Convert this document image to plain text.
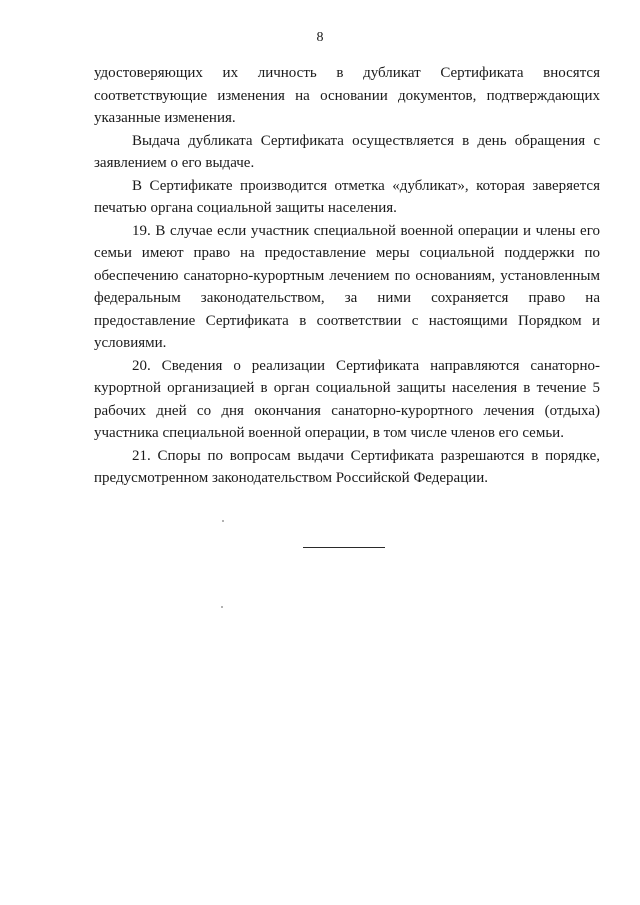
8

удостоверяющих их личность в дубликат Сертификата вносятся соответствующие изменения на основании документов, подтверждающих указанные изменения.

Выдача дубликата Сертификата осуществляется в день обращения с заявлением о его выдаче.

В Сертификате производится отметка «дубликат», которая заверяется печатью органа социальной защиты населения.

19. В случае если участник специальной военной операции и члены его семьи имеют право на предоставление меры социальной поддержки по обеспечению санаторно-курортным лечением по основаниям, установленным федеральным законодательством, за ними сохраняется право на предоставление Сертификата в соответствии с настоящими Порядком и условиями.

20. Сведения о реализации Сертификата направляются санаторно-курортной организацией в орган социальной защиты населения в течение 5 рабочих дней со дня окончания санаторно-курортного лечения (отдыха) участника специальной военной операции, в том числе членов его семьи.

21. Споры по вопросам выдачи Сертификата разрешаются в порядке, предусмотренном законодательством Российской Федерации.
